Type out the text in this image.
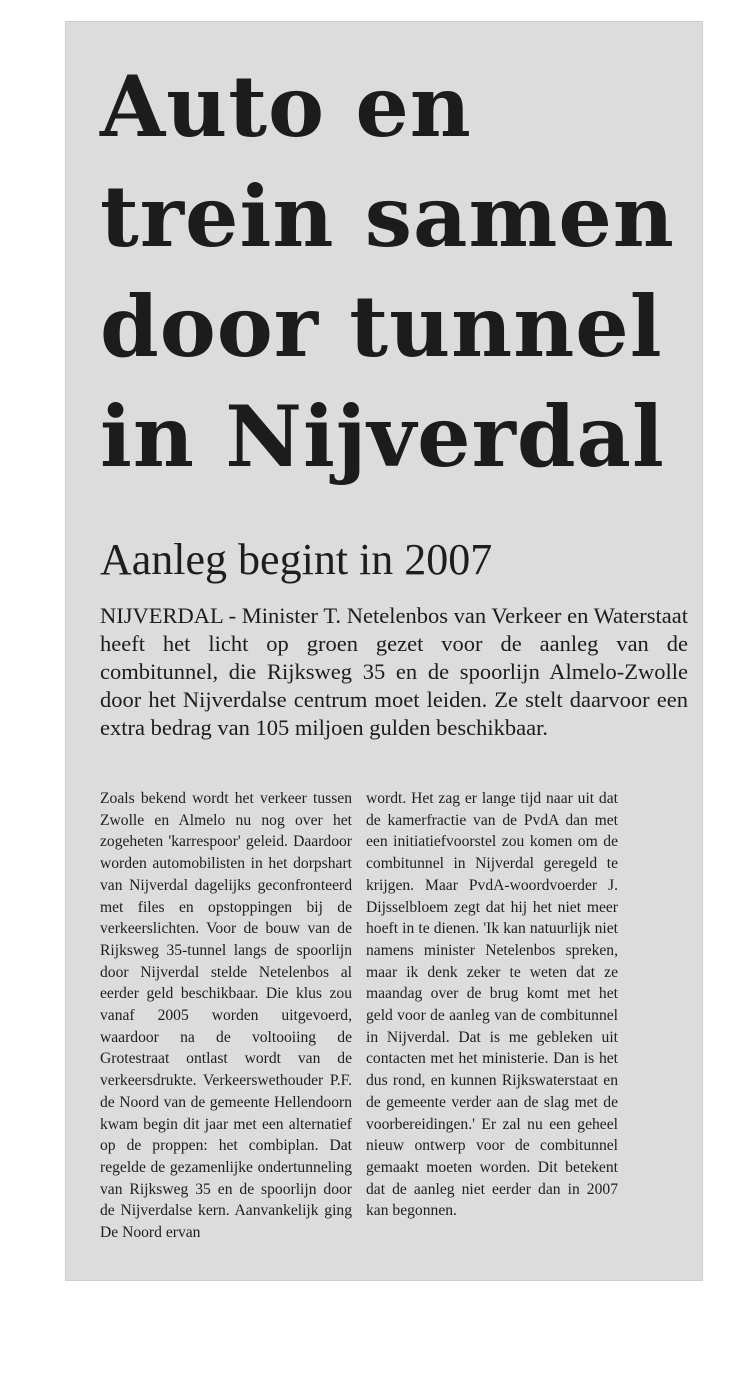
Auto en
trein samen
door tunnel
in Nijverdal
Aanleg begint in 2007

NIJVERDAL - Minister T. Netelenbos van Verkeer en Waterstaat heeft het licht op groen gezet voor de aanleg van de combitunnel, die Rijksweg 35 en de spoorlijn Almelo-Zwolle door het Nijverdalse centrum moet leiden. Ze stelt daarvoor een extra bedrag van 105 miljoen gulden beschikbaar.

Zoals bekend wordt het verkeer tussen Zwolle en Almelo nu nog over het zogeheten 'karrespoor' geleid. Daardoor worden automobilisten in het dorpshart van Nijverdal dagelijks geconfronteerd met files en opstoppingen bij de verkeerslichten. Voor de bouw van de Rijksweg 35-tunnel langs de spoorlijn door Nijverdal stelde Netelenbos al eerder geld beschikbaar. Die klus zou vanaf 2005 worden uitgevoerd, waardoor na de voltooiing de Grotestraat ontlast wordt van de verkeersdrukte. Verkeerswethouder P.F. de Noord van de gemeente Hellendoorn kwam begin dit jaar met een alternatief op de proppen: het combiplan. Dat regelde de gezamenlijke ondertunneling van Rijksweg 35 en de spoorlijn door de Nijverdalse kern. Aanvankelijk ging De Noord ervan

wordt. Het zag er lange tijd naar uit dat de kamerfractie van de PvdA dan met een initiatiefvoorstel zou komen om de combitunnel in Nijverdal geregeld te krijgen. Maar PvdA-woordvoerder J. Dijsselbloem zegt dat hij het niet meer hoeft in te dienen. 'Ik kan natuurlijk niet namens minister Netelenbos spreken, maar ik denk zeker te weten dat ze maandag over de brug komt met het geld voor de aanleg van de combitunnel in Nijverdal. Dat is me gebleken uit contacten met het ministerie. Dan is het dus rond, en kunnen Rijkswaterstaat en de gemeente verder aan de slag met de voorbereidingen.' Er zal nu een geheel nieuw ontwerp voor de combitunnel gemaakt moeten worden. Dit betekent dat de aanleg niet eerder dan in 2007 kan begonnen.
